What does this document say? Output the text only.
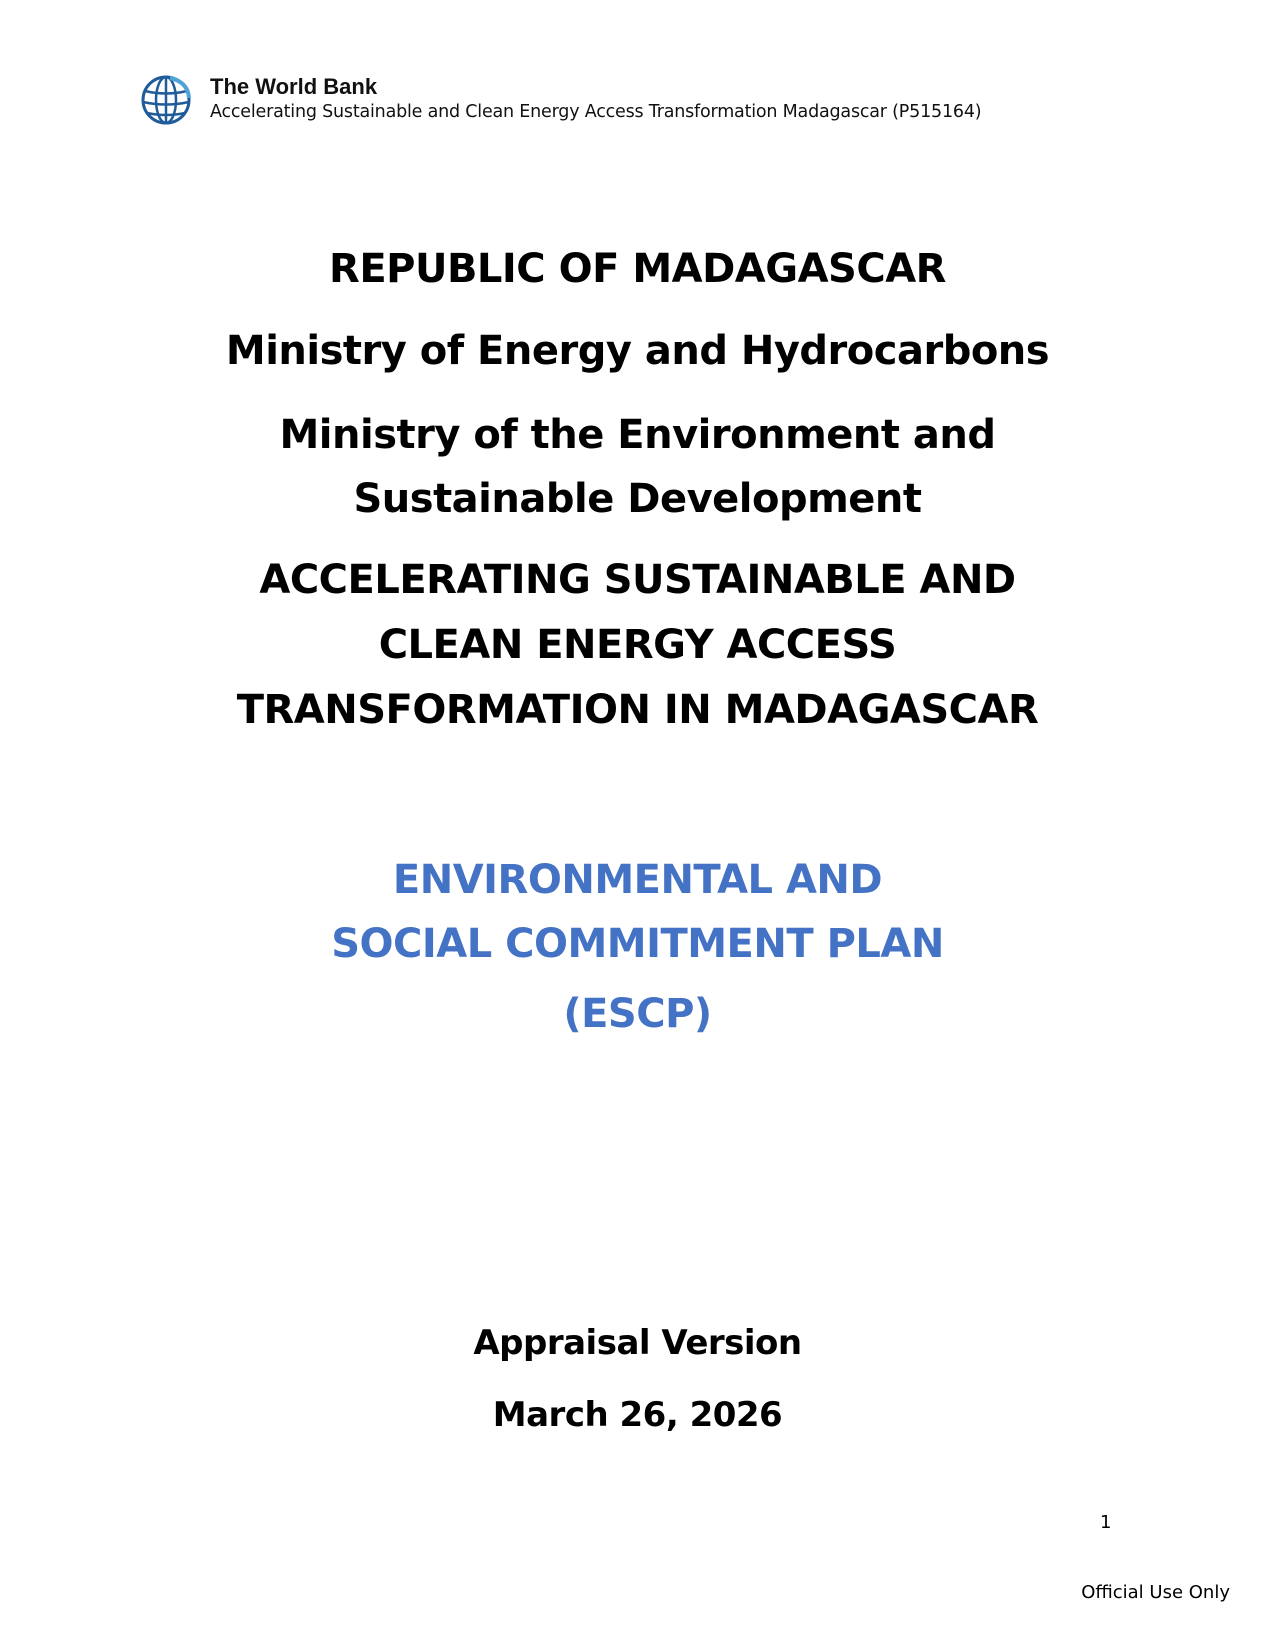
The World Bank
Accelerating Sustainable and Clean Energy Access Transformation Madagascar (P515164)
REPUBLIC OF MADAGASCAR
Ministry of Energy and Hydrocarbons
Ministry of the Environment and Sustainable Development
ACCELERATING SUSTAINABLE AND CLEAN ENERGY ACCESS TRANSFORMATION IN MADAGASCAR
ENVIRONMENTAL AND SOCIAL COMMITMENT PLAN
(ESCP)
Appraisal Version
March 26, 2026
1
Official Use Only
